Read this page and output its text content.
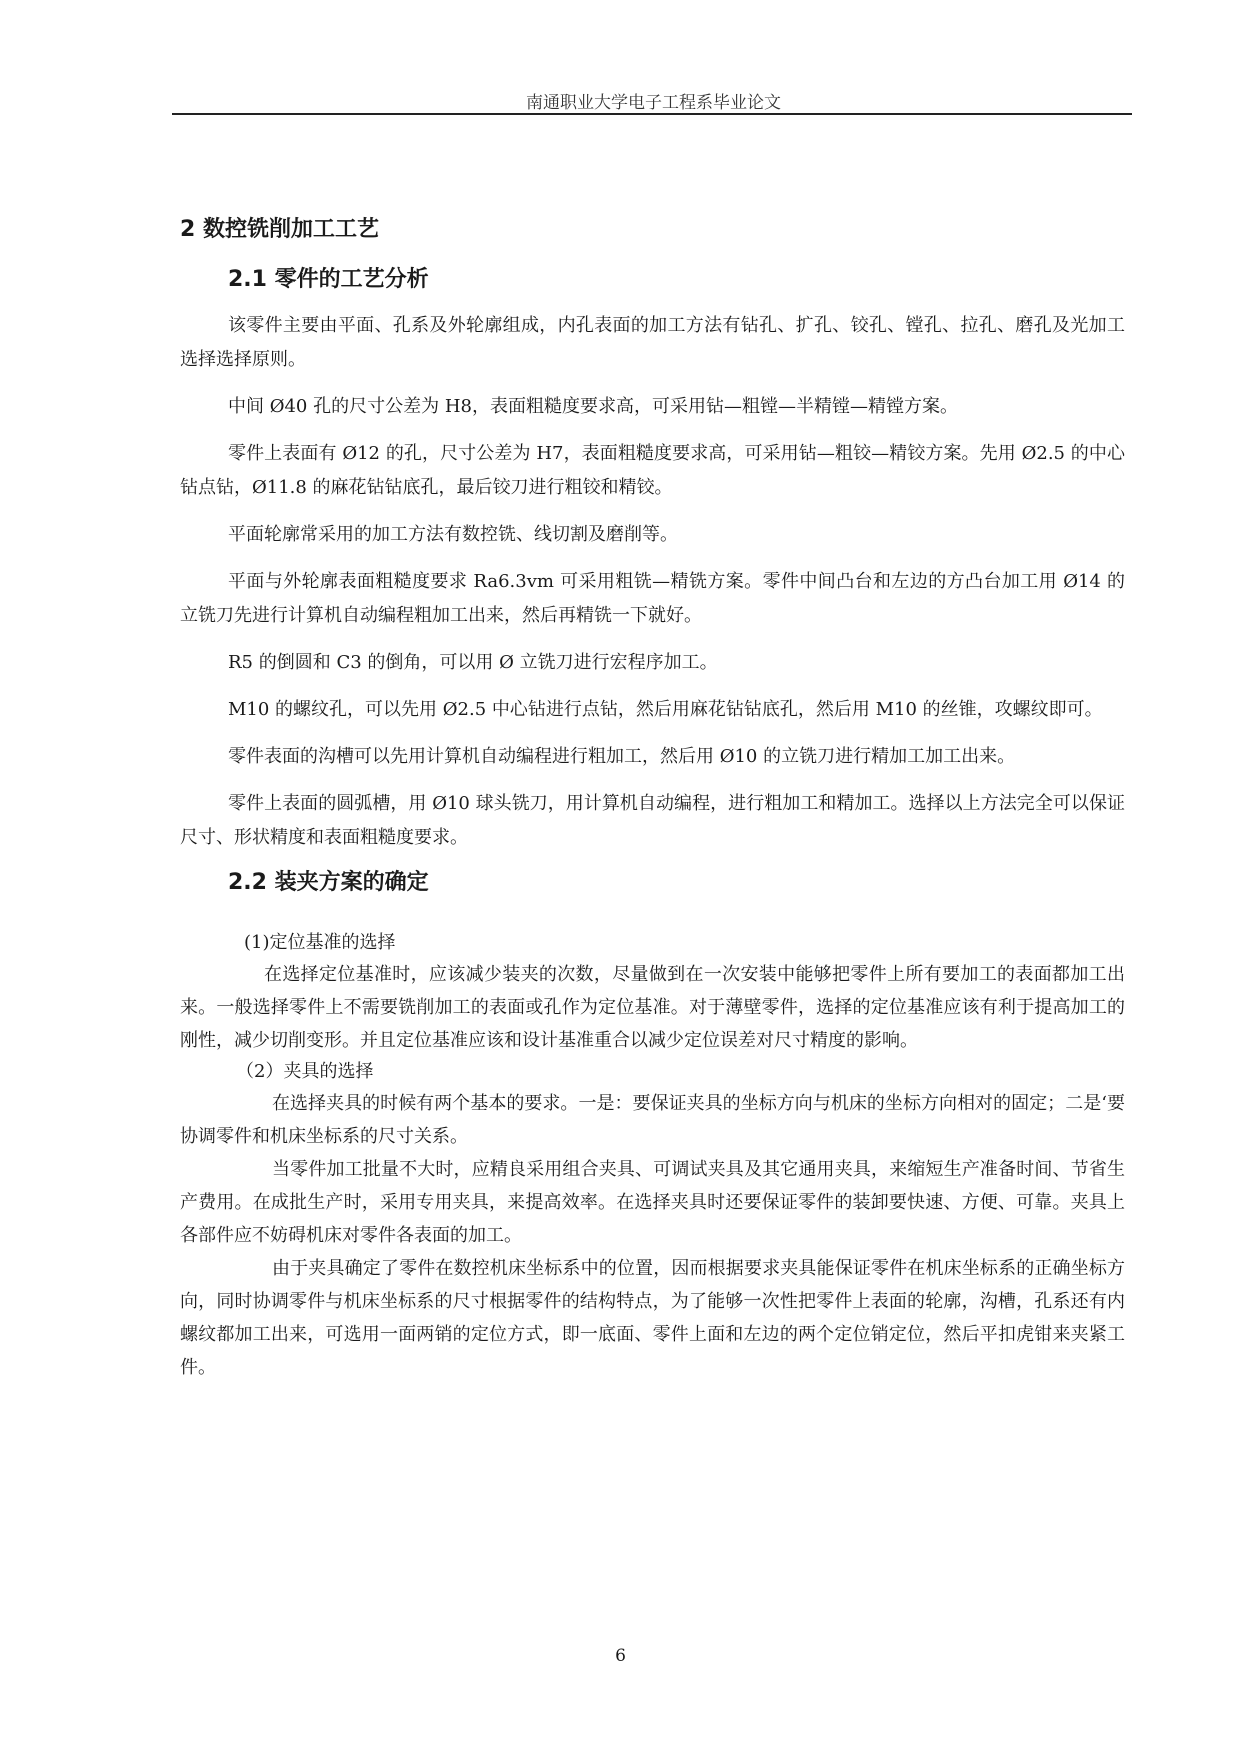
南通职业大学电子工程系毕业论文
2 数控铣削加工工艺
2.1 零件的工艺分析

该零件主要由平面、孔系及外轮廓组成，内孔表面的加工方法有钻孔、扩孔、铰孔、镗孔、拉孔、磨孔及光加工选择选择原则。

中间 Ø40 孔的尺寸公差为 H8，表面粗糙度要求高，可采用钻—粗镗—半精镗—精镗方案。

零件上表面有 Ø12 的孔，尺寸公差为 H7，表面粗糙度要求高，可采用钻—粗铰—精铰方案。先用 Ø2.5 的中心钻点钻，Ø11.8 的麻花钻钻底孔，最后铰刀进行粗铰和精铰。

平面轮廓常采用的加工方法有数控铣、线切割及磨削等。

平面与外轮廓表面粗糙度要求 Ra6.3vm 可采用粗铣—精铣方案。零件中间凸台和左边的方凸台加工用 Ø14 的立铣刀先进行计算机自动编程粗加工出来，然后再精铣一下就好。

R5 的倒圆和 C3 的倒角，可以用 Ø 立铣刀进行宏程序加工。

M10 的螺纹孔，可以先用 Ø2.5 中心钻进行点钻，然后用麻花钻钻底孔，然后用 M10 的丝锥，攻螺纹即可。

零件表面的沟槽可以先用计算机自动编程进行粗加工，然后用 Ø10 的立铣刀进行精加工加工出来。

零件上表面的圆弧槽，用 Ø10 球头铣刀，用计算机自动编程，进行粗加工和精加工。选择以上方法完全可以保证尺寸、形状精度和表面粗糙度要求。

2.2 装夹方案的确定
(1)定位基准的选择

在选择定位基准时，应该减少装夹的次数，尽量做到在一次安装中能够把零件上所有要加工的表面都加工出来。一般选择零件上不需要铣削加工的表面或孔作为定位基准。对于薄壁零件，选择的定位基准应该有利于提高加工的刚性，减少切削变形。并且定位基准应该和设计基准重合以减少定位误差对尺寸精度的影响。

（2）夹具的选择

在选择夹具的时候有两个基本的要求。一是：要保证夹具的坐标方向与机床的坐标方向相对的固定；二是‘要协调零件和机床坐标系的尺寸关系。

当零件加工批量不大时，应精良采用组合夹具、可调试夹具及其它通用夹具，来缩短生产准备时间、节省生产费用。在成批生产时，采用专用夹具，来提高效率。在选择夹具时还要保证零件的装卸要快速、方便、可靠。夹具上各部件应不妨碍机床对零件各表面的加工。

由于夹具确定了零件在数控机床坐标系中的位置，因而根据要求夹具能保证零件在机床坐标系的正确坐标方向，同时协调零件与机床坐标系的尺寸根据零件的结构特点，为了能够一次性把零件上表面的轮廓，沟槽，孔系还有内螺纹都加工出来，可选用一面两销的定位方式，即一底面、零件上面和左边的两个定位销定位，然后平扣虎钳来夹紧工件。

6
